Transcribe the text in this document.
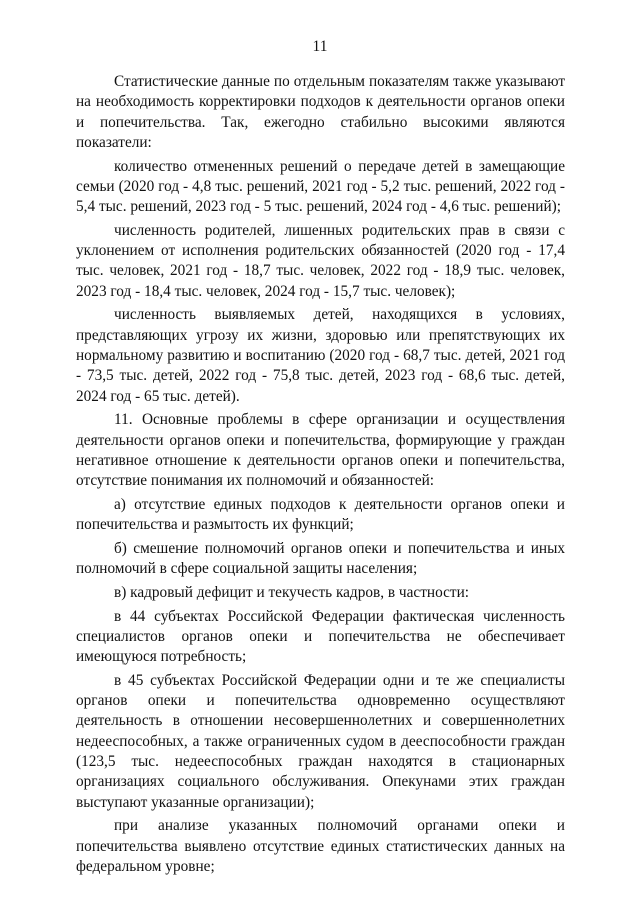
11

Статистические данные по отдельным показателям также указывают на необходимость корректировки подходов к деятельности органов опеки и попечительства. Так, ежегодно стабильно высокими являются показатели:

количество отмененных решений о передаче детей в замещающие семьи (2020 год - 4,8 тыс. решений, 2021 год - 5,2 тыс. решений, 2022 год - 5,4 тыс. решений, 2023 год - 5 тыс. решений, 2024 год - 4,6 тыс. решений);

численность родителей, лишенных родительских прав в связи с уклонением от исполнения родительских обязанностей (2020 год - 17,4 тыс. человек, 2021 год - 18,7 тыс. человек, 2022 год - 18,9 тыс. человек, 2023 год - 18,4 тыс. человек, 2024 год - 15,7 тыс. человек);

численность выявляемых детей, находящихся в условиях, представляющих угрозу их жизни, здоровью или препятствующих их нормальному развитию и воспитанию (2020 год - 68,7 тыс. детей, 2021 год - 73,5 тыс. детей, 2022 год - 75,8 тыс. детей, 2023 год - 68,6 тыс. детей, 2024 год - 65 тыс. детей).

11. Основные проблемы в сфере организации и осуществления деятельности органов опеки и попечительства, формирующие у граждан негативное отношение к деятельности органов опеки и попечительства, отсутствие понимания их полномочий и обязанностей:

а) отсутствие единых подходов к деятельности органов опеки и попечительства и размытость их функций;

б) смешение полномочий органов опеки и попечительства и иных полномочий в сфере социальной защиты населения;

в) кадровый дефицит и текучесть кадров, в частности:

в 44 субъектах Российской Федерации фактическая численность специалистов органов опеки и попечительства не обеспечивает имеющуюся потребность;

в 45 субъектах Российской Федерации одни и те же специалисты органов опеки и попечительства одновременно осуществляют деятельность в отношении несовершеннолетних и совершеннолетних недееспособных, а также ограниченных судом в дееспособности граждан (123,5 тыс. недееспособных граждан находятся в стационарных организациях социального обслуживания. Опекунами этих граждан выступают указанные организации);

при анализе указанных полномочий органами опеки и попечительства выявлено отсутствие единых статистических данных на федеральном уровне;
